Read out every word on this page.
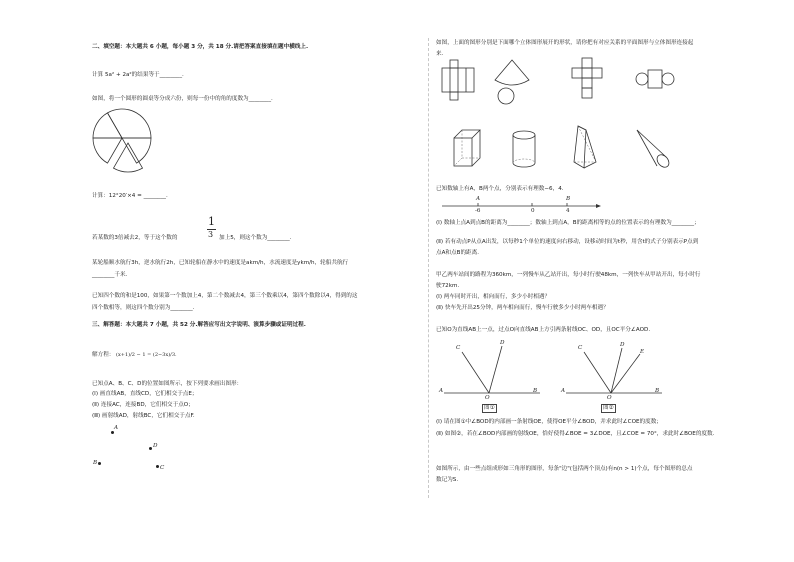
二、填空题：本大题共 6 小题，每小题 3 分，共 18 分.请把答案直接填在题中横线上.
计算 5a² + 2a²的结果等于________.
如图，将一个圆形的圆桌等分成六份，则每一份中的角的度数为________.
计算：12°20′×4 = ________.
若某数的3倍减去2，等于这个数的
1
3 加上5，则这个数为________.
某轮船顺水航行3h，逆水航行2h，已知轮船在静水中的速度是akm/h，水流速度是ykm/h，轮船共航行
________千米.
已知四个数的和是100，如果第一个数加上4，第二个数减去4，第三个数乘以4，第四个数除以4，得到的这
四个数相等，则这四个数分别为________.
三、解答题：本大题共 7 小题，共 52 分.解答应写出文字说明、演算步骤或证明过程.
解方程： (x+1)/2 − 1 = (2−3x)/3.
已知点A、B、C、D的位置如图所示，按下列要求画出图形：
(Ⅰ) 画直线AB，直线CD，它们相交于点E；
(Ⅱ) 连接AC，连接BD，它们相交于点O；
(Ⅲ) 画射线AD，射线BC，它们相交于点F.
A
D
B
C
如图，上面的图形分别是下面哪个立体图形展开的形状，请你把有对应关系的平面图形与立体图形连接起
来.
已知数轴上有A，B两个点，分别表示有理数−6，4.
A	B
-6	0	4
(Ⅰ) 数轴上点A到点B的距离为________；数轴上到点A，B的距离相等的点的位置表示的有理数为________；
(Ⅱ) 若有动点P从点A出发，以每秒1个单位的速度向右移动，设移动时间为t秒，用含t的式子分别表示P点到
点A和点B的距离.
甲乙两车站间的路程为360km，一列慢车从乙站开出，每小时行驶48km，一列快车从甲站开出，每小时行
驶72km.
(Ⅰ) 两车同时开出，相向而行，多少小时相遇？
(Ⅱ) 快车先开出25分钟，两车相向而行，慢车行驶多少小时两车相遇？
已知O为直线AB上一点，过点O向直线AB上方引两条射线OC、OD，且OC平分∠AOD.
A	B
C
D
O
图①
A	B
C	D
E
O
图②
(Ⅰ) 请在图①中∠BOD的内部画一条射线OE，使得OE平分∠BOD，并求此时∠COE的度数；
(Ⅱ) 如图②，若在∠BOD内部画的射线OE，恰好使得∠BOE = 3∠DOE，且∠COE = 70°，求此时∠BOE的度数.
如图所示，由一些点组成形如三角形的图形，每条"边"(包括两个顶点)有n(n > 1)个点，每个图形的总点
数记为S.
